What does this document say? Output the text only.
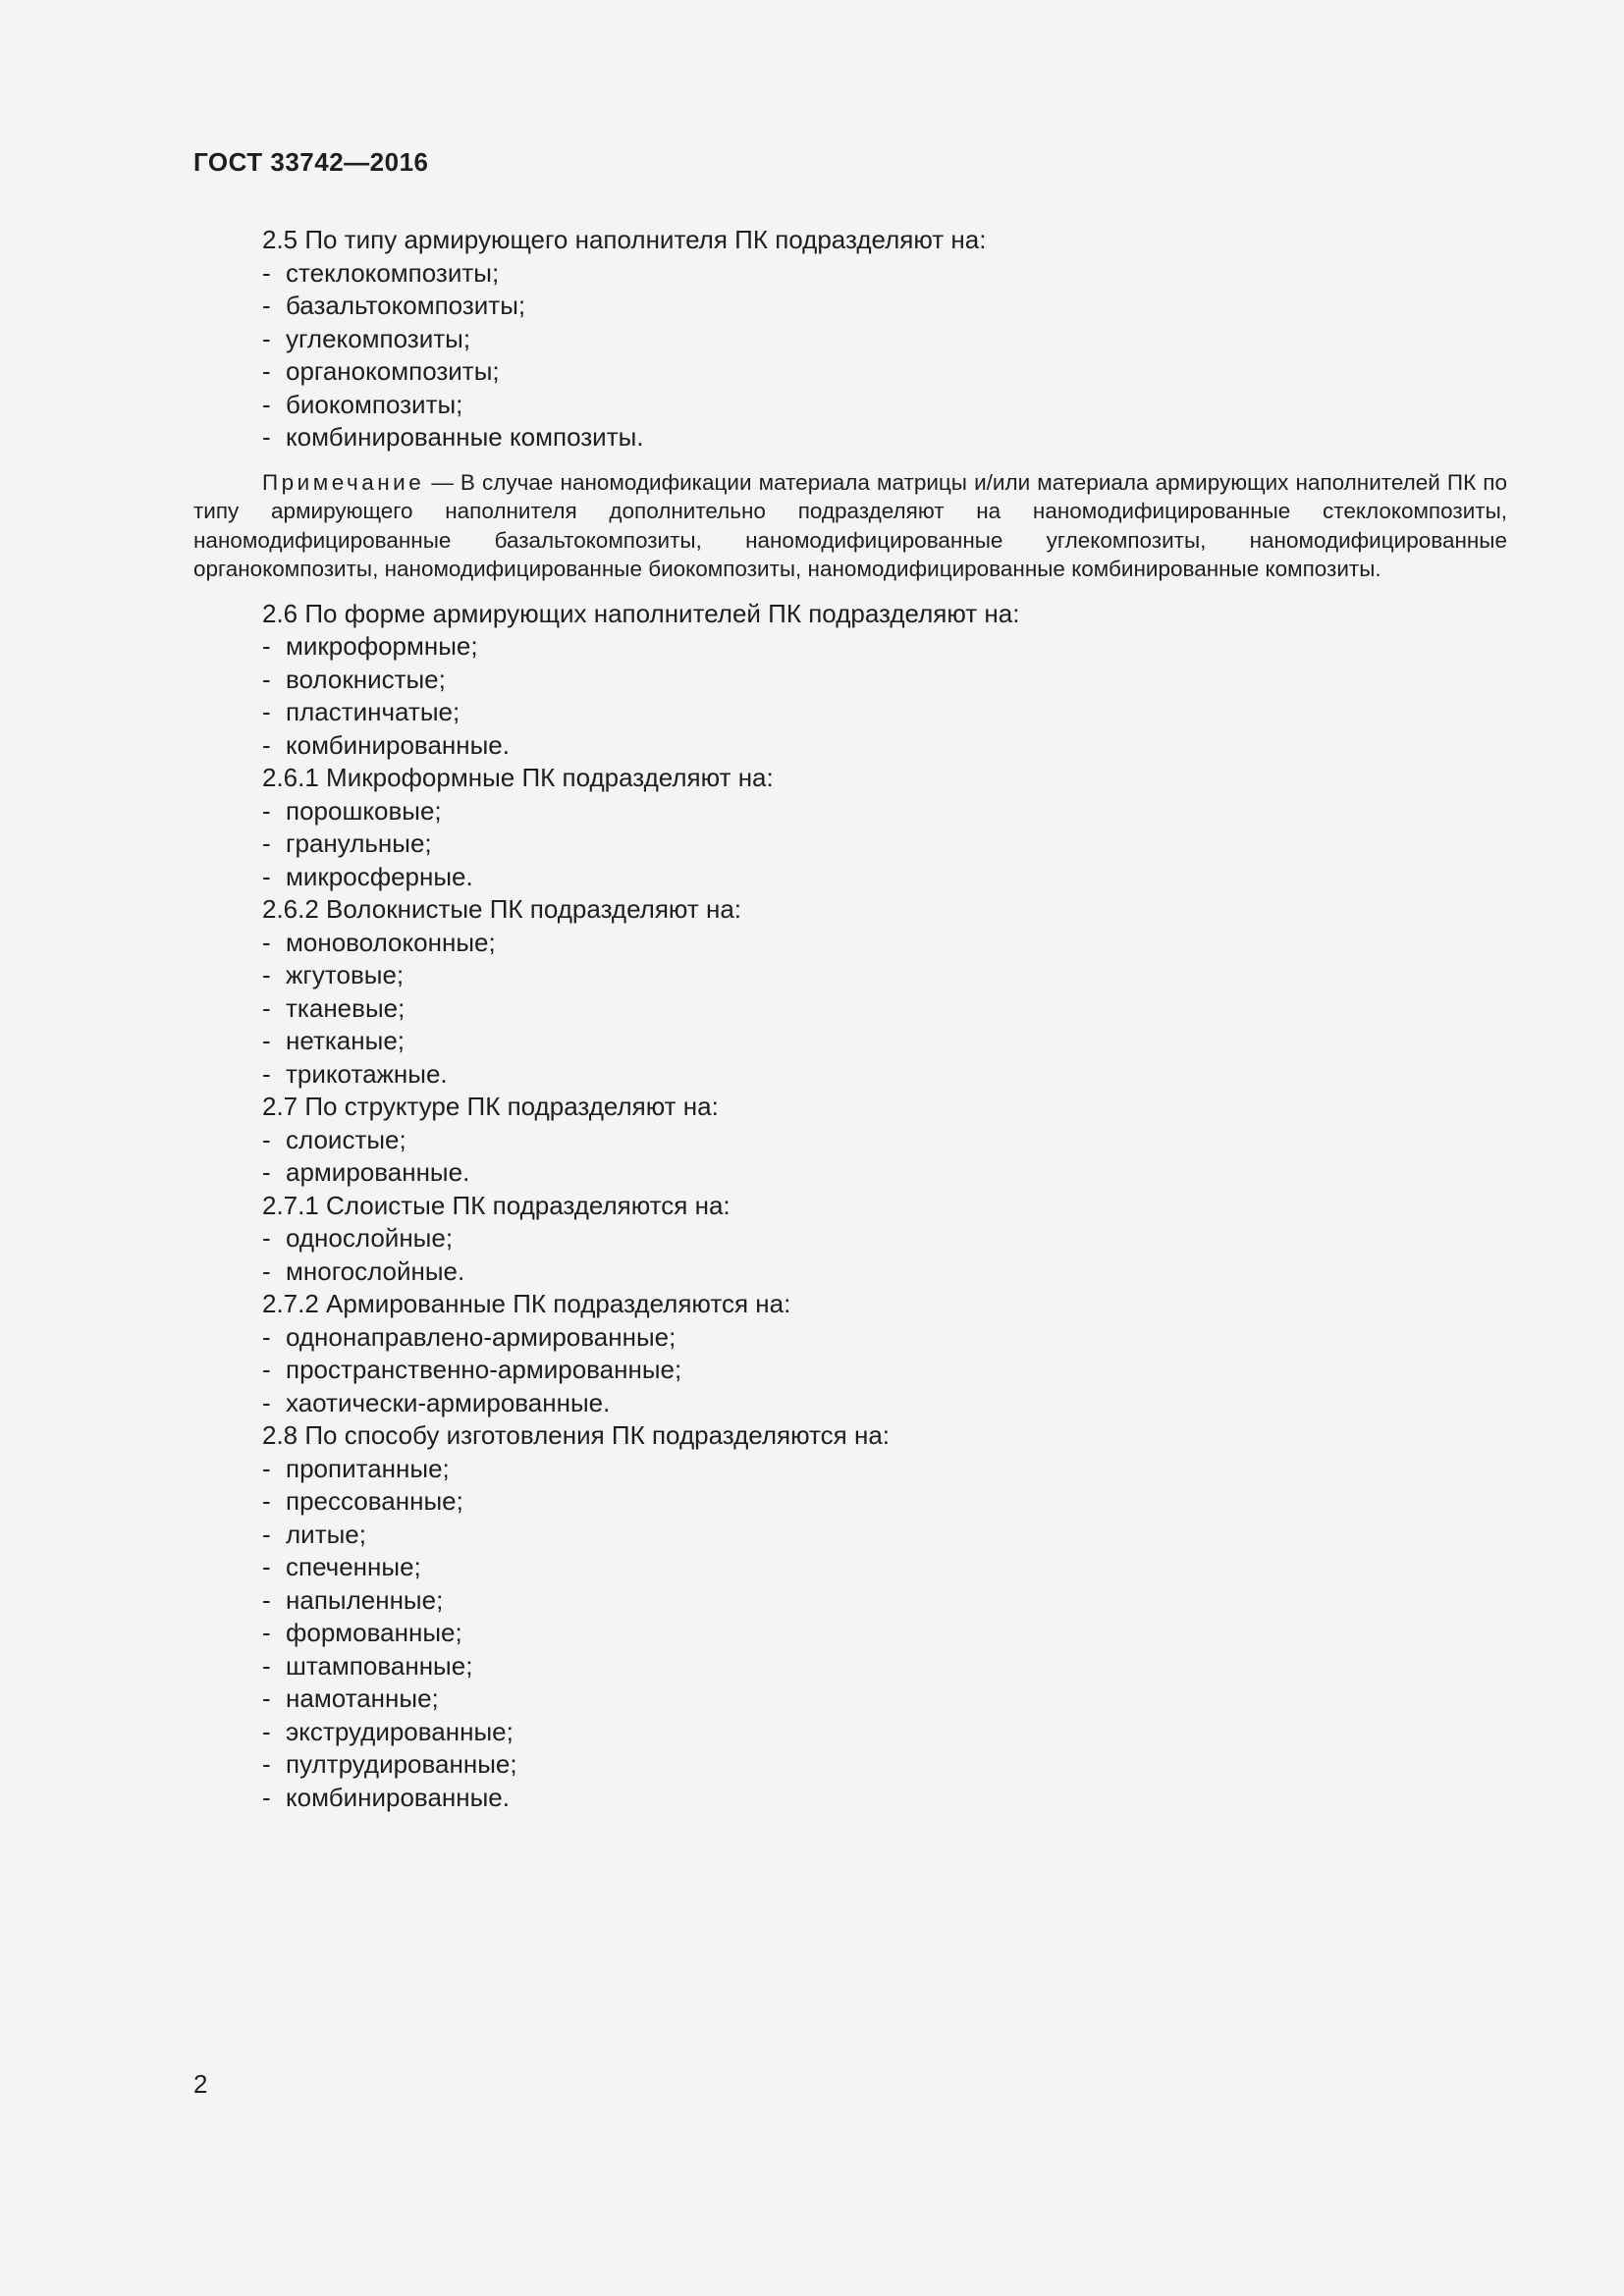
ГОСТ 33742—2016

2.5 По типу армирующего наполнителя ПК подразделяют на:

- стеклокомпозиты;
- базальтокомпозиты;
- углекомпозиты;
- органокомпозиты;
- биокомпозиты;
- комбинированные композиты.
Примечание — В случае наномодификации материала матрицы и/или материала армирующих наполнителей ПК по типу армирующего наполнителя дополнительно подразделяют на наномодифицированные стеклокомпозиты, наномодифицированные базальтокомпозиты, наномодифицированные углекомпозиты, наномодифицированные органокомпозиты, наномодифицированные биокомпозиты, наномодифицированные комбинированные композиты.

2.6 По форме армирующих наполнителей ПК подразделяют на:

- микроформные;
- волокнистые;
- пластинчатые;
- комбинированные.

2.6.1 Микроформные ПК подразделяют на:

- порошковые;
- гранульные;
- микросферные.

2.6.2 Волокнистые ПК подразделяют на:

- моноволоконные;
- жгутовые;
- тканевые;
- нетканые;
- трикотажные.

2.7 По структуре ПК подразделяют на:

- слоистые;
- армированные.

2.7.1 Слоистые ПК подразделяются на:

- однослойные;
- многослойные.

2.7.2 Армированные ПК подразделяются на:

- однонаправлено-армированные;
- пространственно-армированные;
- хаотически-армированные.

2.8 По способу изготовления ПК подразделяются на:

- пропитанные;
- прессованные;
- литые;
- спеченные;
- напыленные;
- формованные;
- штампованные;
- намотанные;
- экструдированные;
- пултрудированные;
- комбинированные.
2
